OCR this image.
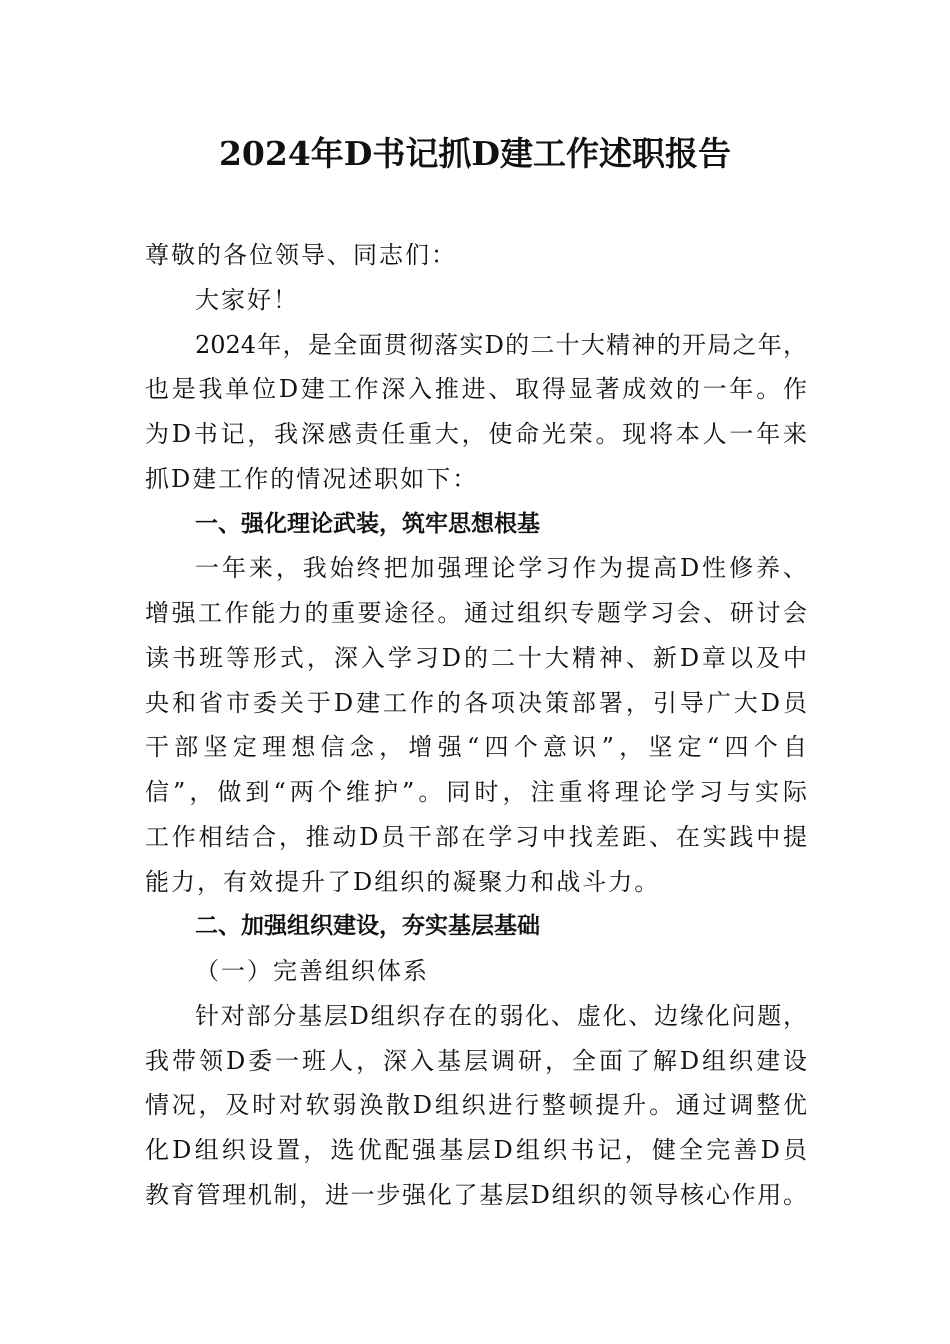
2024年D书记抓D建工作述职报告
尊敬的各位领导、同志们：
大家好！
2024年，是全面贯彻落实D的二十大精神的开局之年，
也是我单位D建工作深入推进、取得显著成效的一年。作
为D书记，我深感责任重大，使命光荣。现将本人一年来
抓D建工作的情况述职如下：
一、强化理论武装，筑牢思想根基
一年来，我始终把加强理论学习作为提高D性修养、
增强工作能力的重要途径。通过组织专题学习会、研讨会
读书班等形式，深入学习D的二十大精神、新D章以及中
央和省市委关于D建工作的各项决策部署，引导广大D员
干部坚定理想信念，增强“四个意识”，坚定“四个自
信”，做到“两个维护”。同时，注重将理论学习与实际
工作相结合，推动D员干部在学习中找差距、在实践中提
能力，有效提升了D组织的凝聚力和战斗力。
二、加强组织建设，夯实基层基础
（一）完善组织体系
针对部分基层D组织存在的弱化、虚化、边缘化问题，
我带领D委一班人，深入基层调研，全面了解D组织建设
情况，及时对软弱涣散D组织进行整顿提升。通过调整优
化D组织设置，选优配强基层D组织书记，健全完善D员
教育管理机制，进一步强化了基层D组织的领导核心作用。
